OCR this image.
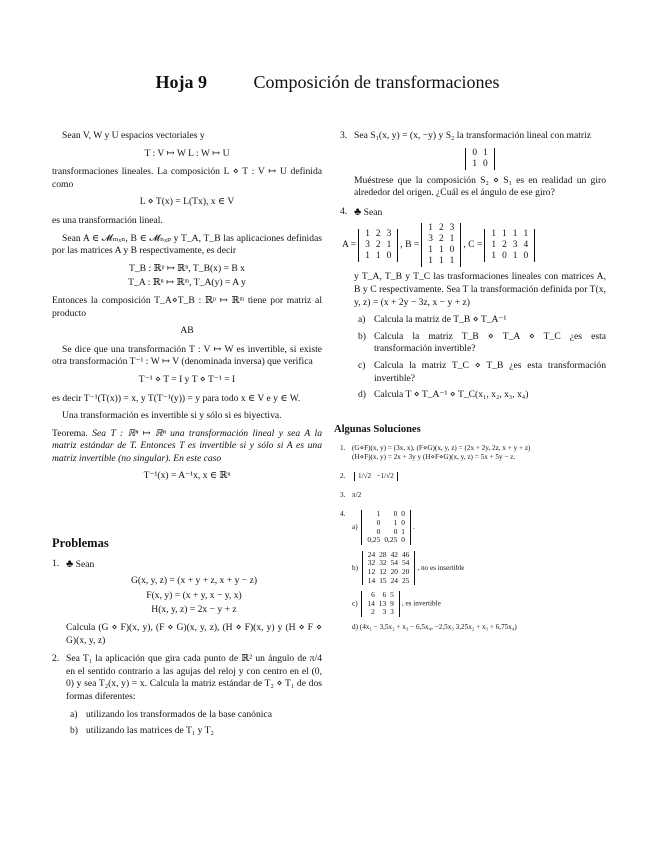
Hoja 9	Composición de transformaciones

Sean V, W y U espacios vectoriales y

T : V ↦ W L : W ↦ U

transformaciones lineales. La composición L ⋄ T : V ↦ U definida como

L ⋄ T(x) = L(Tx), x ∈ V

es una transformación lineal.

Sean A ∈ 𝓜ₘₓₙ, B ∈ 𝓜ₙₓₚ y T_A, T_B las aplicaciones definidas por las matrices A y B respectivamente, es decir

T_B : ℝᵖ ↦ ℝⁿ, T_B(x) = B x
T_A : ℝⁿ ↦ ℝᵐ, T_A(y) = A y

Entonces la composición T_A⋄T_B : ℝᵖ ↦ ℝᵐ tiene por matriz al producto

AB

Se dice que una transformación T : V ↦ W es invertible, si existe otra transformación T⁻¹ : W ↦ V (denominada inversa) que verifica

T⁻¹ ⋄ T = I y T ⋄ T⁻¹ = I

es decir T⁻¹(T(x)) = x, y T(T⁻¹(y)) = y para todo x ∈ V e y ∈ W.

Una transformación es invertible si y sólo si es biyectiva.

Teorema. Sea T : ℝⁿ ↦ ℝⁿ una transformación lineal y sea A la matriz estándar de T. Entonces T es invertible si y sólo si A es una matriz invertible (no singular). En este caso

T⁻¹(x) = A⁻¹x, x ∈ ℝⁿ
Problemas
1. ♣ Sean
G(x, y, z) = (x + y + z, x + y − z)
F(x, y) = (x + y, x − y, x)
H(x, y, z) = 2x − y + z

Calcula (G ⋄ F)(x, y), (F ⋄ G)(x, y, z), (H ⋄ F)(x, y) y (H ⋄ F ⋄ G)(x, y, z)

2. Sea T₁ la aplicación que gira cada punto de ℝ² un ángulo de π/4 en el sentido contrario a las agujas del reloj y con centro en el (0, 0) y sea T₂(x, y) = x. Calcula la matriz estándar de T₂ ⋄ T₁ de dos formas diferentes:

a) utilizando los transformados de la base canónica
b) utilizando las matrices de T₁ y T₂
3. Sea S₁(x, y) = (x, −y) y S₂ la transformación lineal con matriz

0	1
1	0

Muéstrese que la composición S₂ ⋄ S₁ es en realidad un giro alrededor del origen. ¿Cuál es el ángulo de ese giro?

4. ♣ Sean
A =
1	2	3
3	2	1
1	1	0
, B =
1	2	3
3	2	1
1	1	0
1	1	1
, C =
1	1	1	1
1	2	3	4
1	0	1	0

y T_A, T_B y T_C las trasformaciones lineales con matrices A, B y C respectivamente. Sea T la transformación definida por T(x, y, z) = (x + 2y − 3z, x − y + z)

a) Calcula la matriz de T_B ⋄ T_A⁻¹
b) Calcula la matriz T_B ⋄ T_A ⋄ T_C ¿es esta transformación invertible?
c) Calcula la matriz T_C ⋄ T_B ¿es esta transformación invertible?
d) Calcula T ⋄ T_A⁻¹ ⋄ T_C(x₁, x₂, x₃, x₄)
Algunas Soluciones
1. (G⋄F)(x, y) = (3x, x), (F⋄G)(x, y, z) = (2x + 2y, 2z, x + y + z)
(H⋄F)(x, y) = 2x + 3y y (H⋄F⋄G)(x, y, z) = 5x + 5y − z.
2. 1/√2 −1/√2
3. π/2
4.
a)
1	0	0
0	1	0
0	0	1
0,25	0,25	0
.
b)
24	28	42	46
32	32	54	54
12	12	20	20
14	15	24	25
, no es insertible
c)
6	6	5
14	13	9
2	3	3
, es invertible
d) (4x₁ − 3,5x₂ + x₃ − 6,5x₄, −2,5x₃ 3,25x₂ + x₃ + 6,75x₄)
